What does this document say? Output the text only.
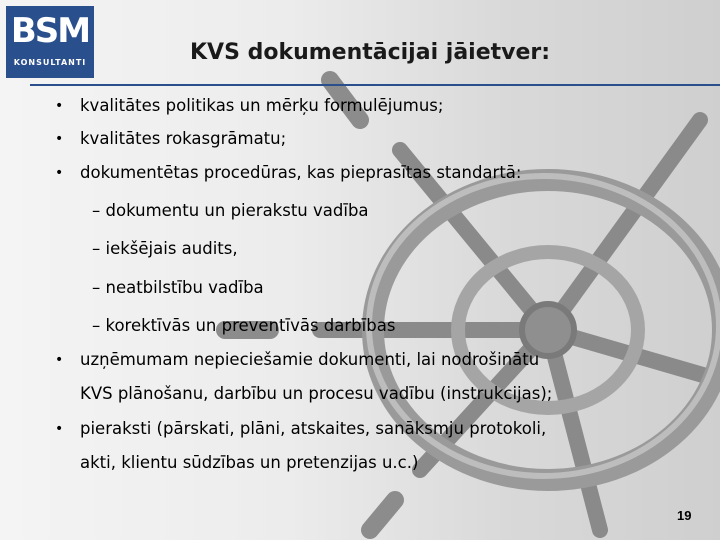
BSM
KONSULTANTI	KVS dokumentācijai jāietver:
• kvalitātes politikas un mērķu formulējumus;
• kvalitātes rokasgrāmatu;
• dokumentētas procedūras, kas pieprasītas standartā:
– dokumentu un pierakstu vadība
– iekšējais audits,
– neatbilstību vadība
– korektīvās un preventīvās darbības
• uzņēmumam nepieciešamie dokumenti, lai nodrošinātu
KVS plānošanu, darbību un procesu vadību (instrukcijas);
• pieraksti (pārskati, plāni, atskaites, sanāksmju protokoli,
akti, klientu sūdzības un pretenzijas u.c.)
19
